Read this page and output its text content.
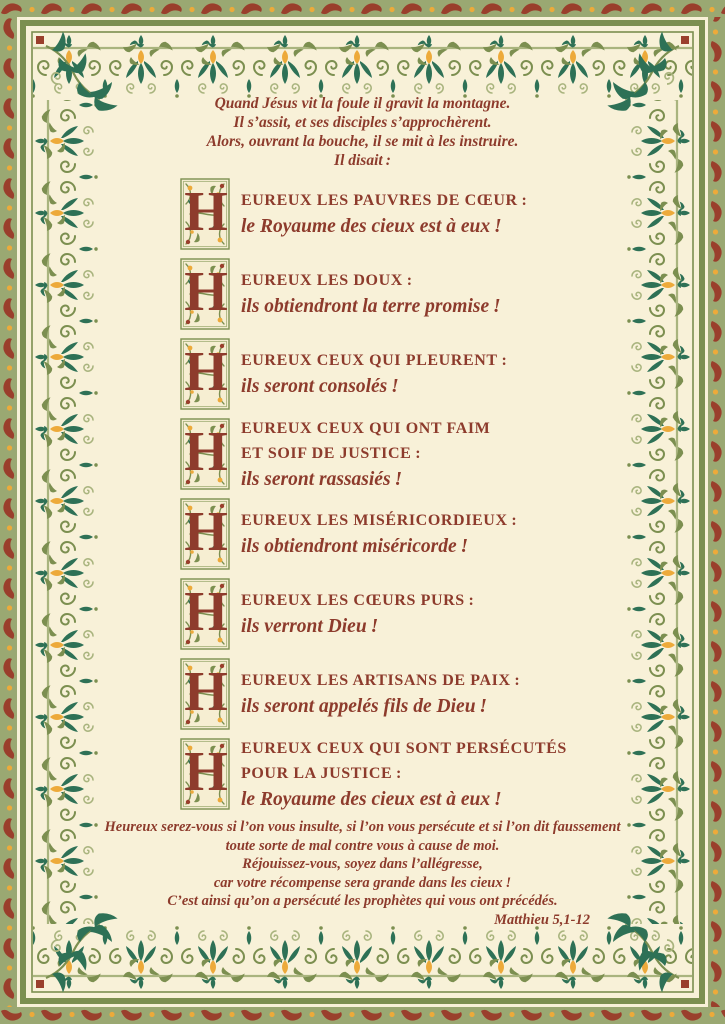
Quand Jésus vit la foule il gravit la montagne.
Il s’assit, et ses disciples s’approchèrent.
Alors, ouvrant la bouche, il se mit à les instruire.
Il disait :
H EUREUX LES PAUVRES DE CŒUR :
le Royaume des cieux est à eux !
H EUREUX LES DOUX :
ils obtiendront la terre promise !
H EUREUX CEUX QUI PLEURENT :
ils seront consolés !
H EUREUX CEUX QUI ONT FAIM
ET SOIF DE JUSTICE :
ils seront rassasiés !
H EUREUX LES MISÉRICORDIEUX :
ils obtiendront miséricorde !
H EUREUX LES CŒURS PURS :
ils verront Dieu !
H EUREUX LES ARTISANS DE PAIX :
ils seront appelés fils de Dieu !
H EUREUX CEUX QUI SONT PERSÉCUTÉS
POUR LA JUSTICE :
le Royaume des cieux est à eux !
Heureux serez-vous si l’on vous insulte, si l’on vous persécute et si l’on dit faussement
toute sorte de mal contre vous à cause de moi.
Réjouissez-vous, soyez dans l’allégresse,
car votre récompense sera grande dans les cieux !
C’est ainsi qu’on a persécuté les prophètes qui vous ont précédés.
Matthieu 5,1-12
